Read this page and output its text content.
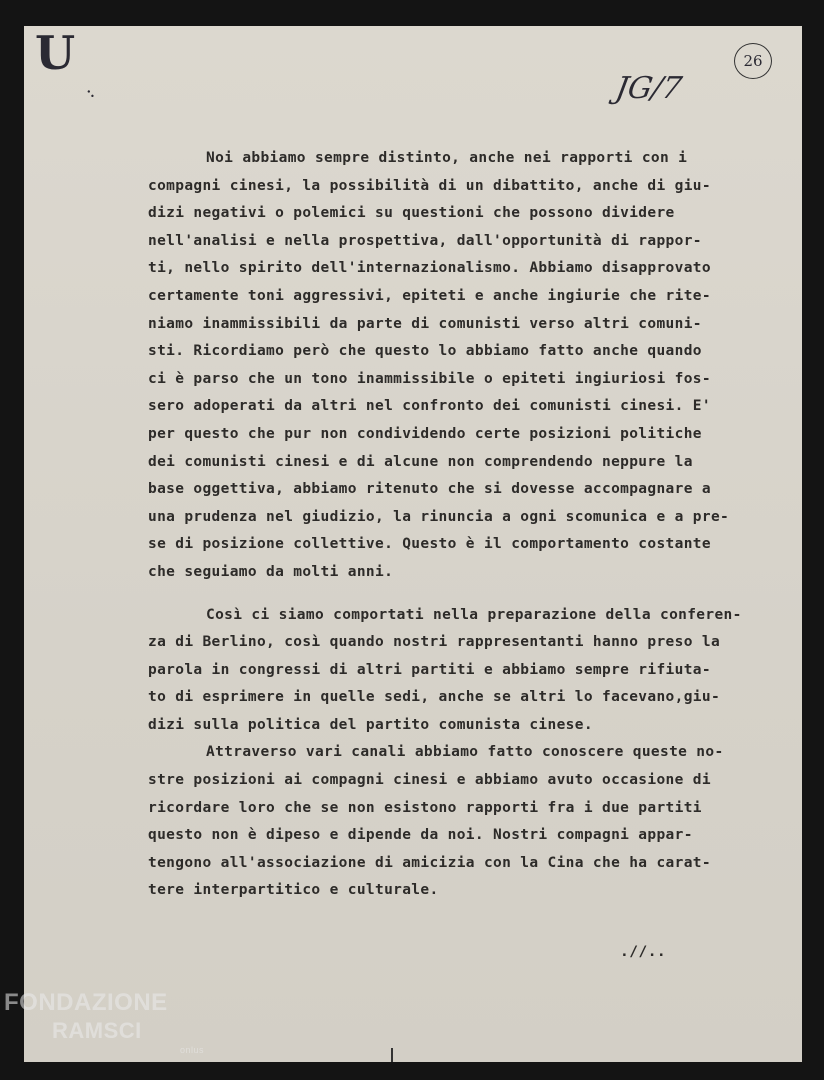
U
..
26
JG/7
Noi abbiamo sempre distinto, anche nei rapporti con i
compagni cinesi, la possibilità di un dibattito, anche di giu-
dizi negativi o polemici su questioni che possono dividere
nell'analisi e nella prospettiva, dall'opportunità di rappor-
ti, nello spirito dell'internazionalismo. Abbiamo disapprovato
certamente toni aggressivi, epiteti e anche ingiurie che rite-
niamo inammissibili da parte di comunisti verso altri comuni-
sti. Ricordiamo però che questo lo abbiamo fatto anche quando
ci è parso che un tono inammissibile o epiteti ingiuriosi fos-
sero adoperati da altri nel confronto dei comunisti cinesi. E'
per questo che pur non condividendo certe posizioni politiche
dei comunisti cinesi e di alcune non comprendendo neppure la
base oggettiva, abbiamo ritenuto che si dovesse accompagnare a
una prudenza nel giudizio, la rinuncia a ogni scomunica e a pre-
se di posizione collettive. Questo è il comportamento costante
che seguiamo da molti anni.
Così ci siamo comportati nella preparazione della conferen-
za di Berlino, così quando nostri rappresentanti hanno preso la
parola in congressi di altri partiti e abbiamo sempre rifiuta-
to di esprimere in quelle sedi, anche se altri lo facevano,giu-
dizi sulla politica del partito comunista cinese.
Attraverso vari canali abbiamo fatto conoscere queste no-
stre posizioni ai compagni cinesi e abbiamo avuto occasione di
ricordare loro che se non esistono rapporti fra i due partiti
questo non è dipeso e dipende da noi. Nostri compagni appar-
tengono all'associazione di amicizia con la Cina che ha carat-
tere interpartitico e culturale.
.//..
FONDAZIONE
RAMSCI
onlus
